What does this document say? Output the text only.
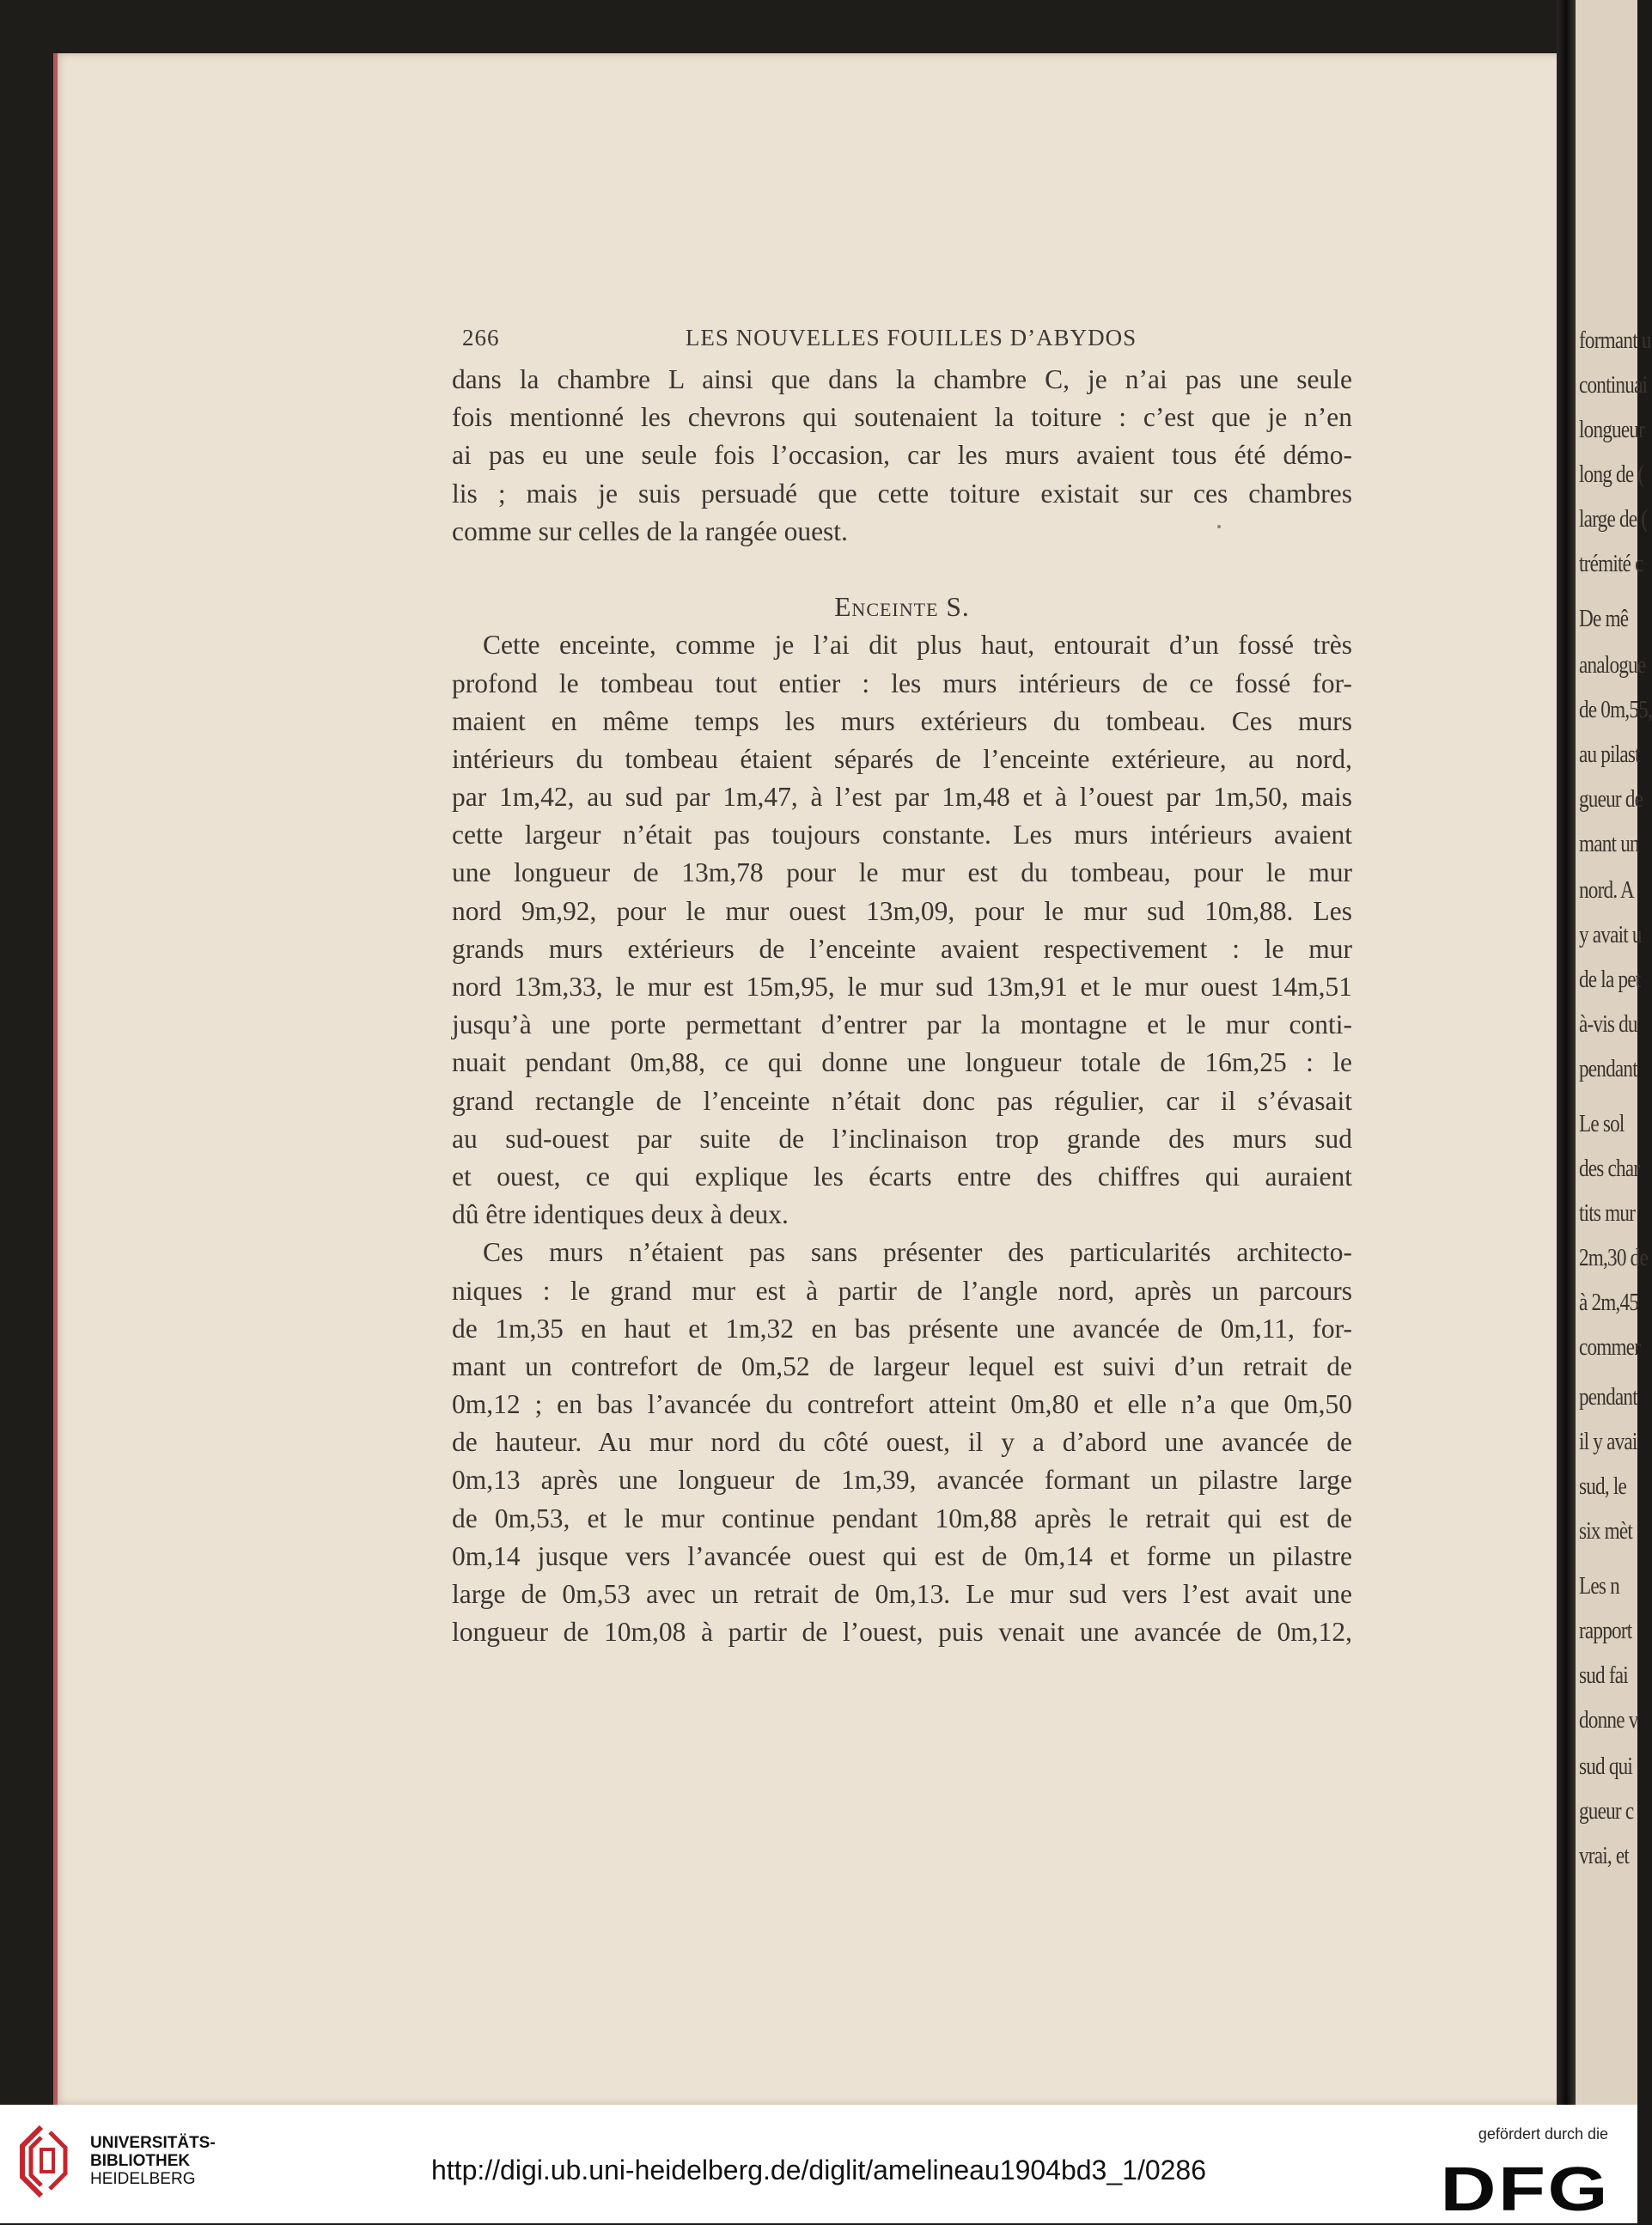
formant u
continuai
longueur
long de (
large de (
trémité c
De mê
analogue
de 0m,55,
au pilast
gueur de
mant un
nord. A
y avait u
de la pet
à-vis du
pendant
Le sol
des char
tits mur
2m,30 de
à 2m,45
commer
pendant
il y avai
sud, le
six mèt
Les n
rapport
sud fai
donne v
sud qui
gueur c
vrai, et
266	LES NOUVELLES FOUILLES D’ABYDOS
dans la chambre L ainsi que dans la chambre C, je n’ai pas une seule
fois mentionné les chevrons qui soutenaient la toiture : c’est que je n’en
ai pas eu une seule fois l’occasion, car les murs avaient tous été démo-
lis ; mais je suis persuadé que cette toiture existait sur ces chambres
comme sur celles de la rangée ouest.
Enceinte S.
Cette enceinte, comme je l’ai dit plus haut, entourait d’un fossé très
profond le tombeau tout entier : les murs intérieurs de ce fossé for-
maient en même temps les murs extérieurs du tombeau. Ces murs
intérieurs du tombeau étaient séparés de l’enceinte extérieure, au nord,
par 1m,42, au sud par 1m,47, à l’est par 1m,48 et à l’ouest par 1m,50, mais
cette largeur n’était pas toujours constante. Les murs intérieurs avaient
une longueur de 13m,78 pour le mur est du tombeau, pour le mur
nord 9m,92, pour le mur ouest 13m,09, pour le mur sud 10m,88. Les
grands murs extérieurs de l’enceinte avaient respectivement : le mur
nord 13m,33, le mur est 15m,95, le mur sud 13m,91 et le mur ouest 14m,51
jusqu’à une porte permettant d’entrer par la montagne et le mur conti-
nuait pendant 0m,88, ce qui donne une longueur totale de 16m,25 : le
grand rectangle de l’enceinte n’était donc pas régulier, car il s’évasait
au sud-ouest par suite de l’inclinaison trop grande des murs sud
et ouest, ce qui explique les écarts entre des chiffres qui auraient
dû être identiques deux à deux.
Ces murs n’étaient pas sans présenter des particularités architecto-
niques : le grand mur est à partir de l’angle nord, après un parcours
de 1m,35 en haut et 1m,32 en bas présente une avancée de 0m,11, for-
mant un contrefort de 0m,52 de largeur lequel est suivi d’un retrait de
0m,12 ; en bas l’avancée du contrefort atteint 0m,80 et elle n’a que 0m,50
de hauteur. Au mur nord du côté ouest, il y a d’abord une avancée de
0m,13 après une longueur de 1m,39, avancée formant un pilastre large
de 0m,53, et le mur continue pendant 10m,88 après le retrait qui est de
0m,14 jusque vers l’avancée ouest qui est de 0m,14 et forme un pilastre
large de 0m,53 avec un retrait de 0m,13. Le mur sud vers l’est avait une
longueur de 10m,08 à partir de l’ouest, puis venait une avancée de 0m,12,
UNIVERSITÄTS-
BIBLIOTHEK
HEIDELBERG	http://digi.ub.uni-heidelberg.de/diglit/amelineau1904bd3_1/0286
gefördert durch die
DFG
